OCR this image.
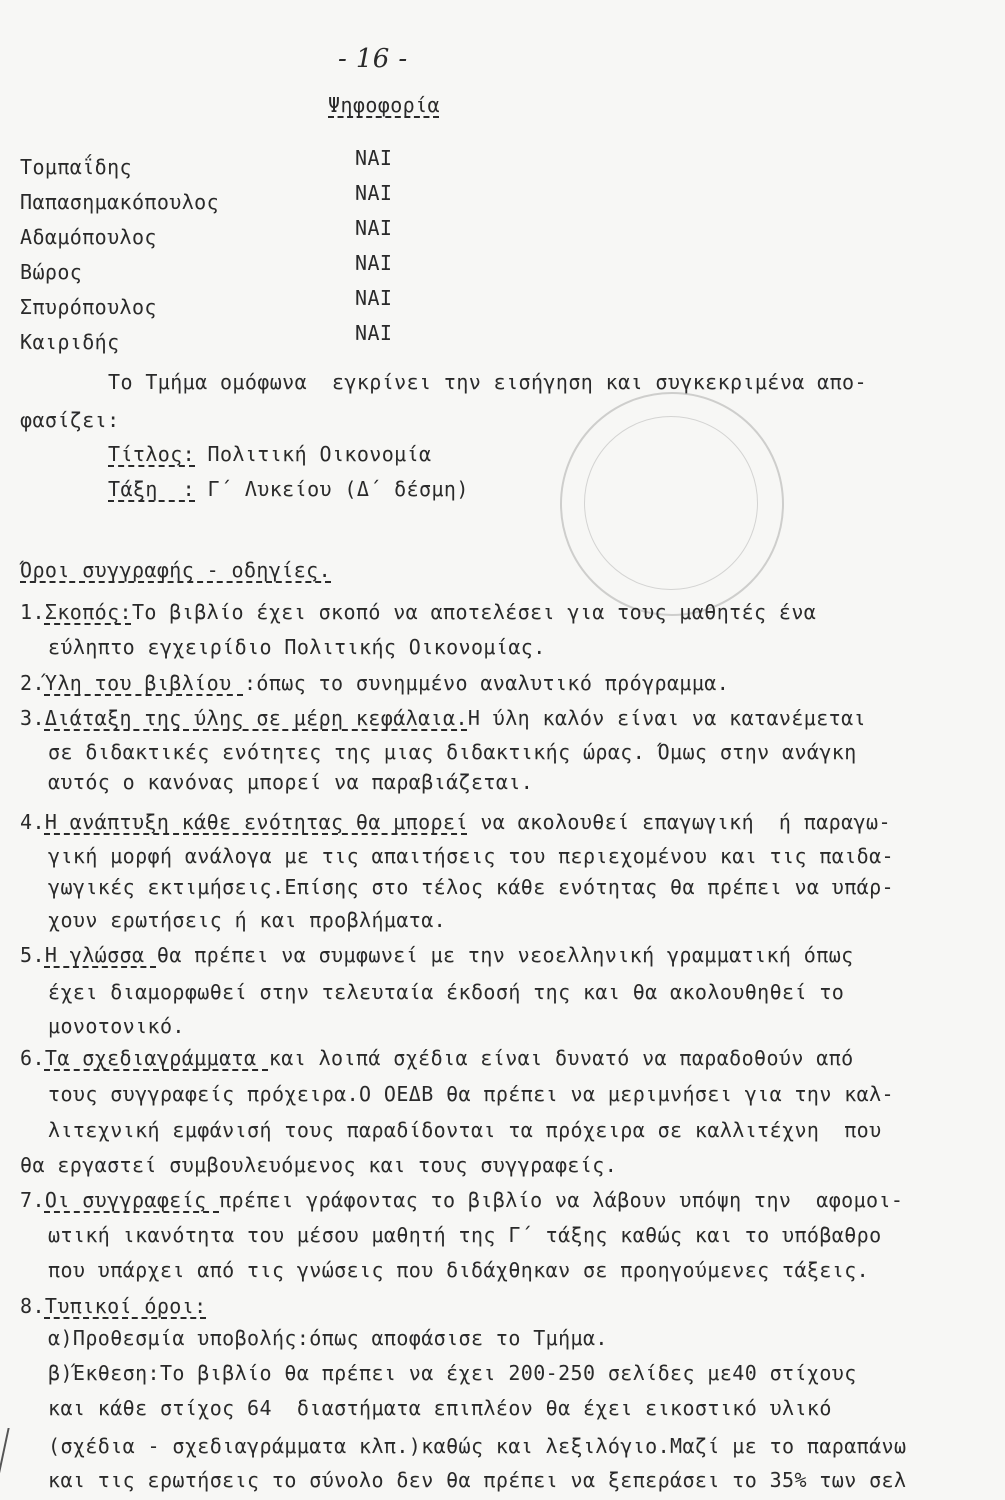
- 16 -
Ψηφοφορία
Τομπαΐδης	ΝΑΙ
Παπασημακόπουλος	ΝΑΙ
Αδαμόπουλος	ΝΑΙ
Βώρος	ΝΑΙ
Σπυρόπουλος	ΝΑΙ
Καιριδής	ΝΑΙ
Το Τμήμα ομόφωνα  εγκρίνει την εισήγηση και συγκεκριμένα απο-
φασίζει:
Τίτλος: Πολιτική Οικονομία
Τάξη  : Γ΄ Λυκείου (Δ΄ δέσμη)
Όροι συγγραφής - οδηγίες.
1.Σκοπός:Το βιβλίο έχει σκοπό να αποτελέσει για τους μαθητές ένα
εύληπτο εγχειρίδιο Πολιτικής Οικονομίας.
2.Ύλη του βιβλίου :όπως το συνημμένο αναλυτικό πρόγραμμα.
3.Διάταξη της ύλης σε μέρη κεφάλαια.Η ύλη καλόν είναι να κατανέμεται
σε διδακτικές ενότητες της μιας διδακτικής ώρας. Όμως στην ανάγκη
αυτός ο κανόνας μπορεί να παραβιάζεται.
4.Η ανάπτυξη κάθε ενότητας θα μπορεί να ακολουθεί επαγωγική  ή παραγω-
γική μορφή ανάλογα με τις απαιτήσεις του περιεχομένου και τις παιδα-
γωγικές εκτιμήσεις.Επίσης στο τέλος κάθε ενότητας θα πρέπει να υπάρ-
χουν ερωτήσεις ή και προβλήματα.
5.Η γλώσσα θα πρέπει να συμφωνεί με την νεοελληνική γραμματική όπως
έχει διαμορφωθεί στην τελευταία έκδοσή της και θα ακολουθηθεί το
μονοτονικό.
6.Τα σχεδιαγράμματα και λοιπά σχέδια είναι δυνατό να παραδοθούν από
τους συγγραφείς πρόχειρα.Ο ΟΕΔΒ θα πρέπει να μεριμνήσει για την καλ-
λιτεχνική εμφάνισή τους παραδίδονται τα πρόχειρα σε καλλιτέχνη  που
θα εργαστεί συμβουλευόμενος και τους συγγραφείς.
7.Οι συγγραφείς πρέπει γράφοντας το βιβλίο να λάβουν υπόψη την  αφομοι-
ωτική ικανότητα του μέσου μαθητή της Γ΄ τάξης καθώς και το υπόβαθρο
που υπάρχει από τις γνώσεις που διδάχθηκαν σε προηγούμενες τάξεις.
8.Τυπικοί όροι:
α)Προθεσμία υποβολής:όπως αποφάσισε το Τμήμα.
β)Έκθεση:Το βιβλίο θα πρέπει να έχει 200-250 σελίδες με40 στίχους
και κάθε στίχος 64  διαστήματα επιπλέον θα έχει εικοστικό υλικό
(σχέδια - σχεδιαγράμματα κλπ.)καθώς και λεξιλόγιο.Μαζί με το παραπάνω
και τις ερωτήσεις το σύνολο δεν θα πρέπει να ξεπεράσει το 35% των σελ
